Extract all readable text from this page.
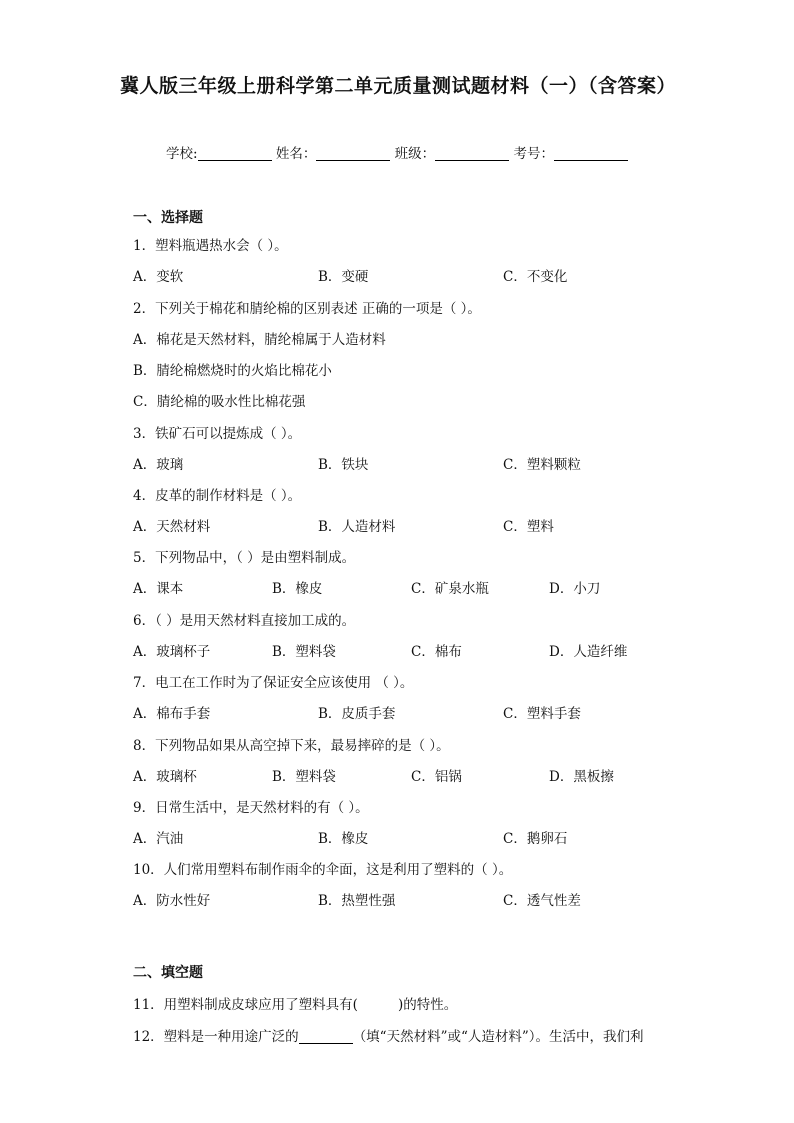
冀人版三年级上册科学第二单元质量测试题材料（一）（含答案）
学校:	姓名：	班级：	考号：
一、选择题
1．塑料瓶遇热水会（ ）。
A．变软	B．变硬	C．不变化
2．下列关于棉花和腈纶棉的区别表述 正确的一项是（ ）。
A．棉花是天然材料，腈纶棉属于人造材料
B．腈纶棉燃烧时的火焰比棉花小
C．腈纶棉的吸水性比棉花强
3．铁矿石可以提炼成（ ）。
A．玻璃	B．铁块	C．塑料颗粒
4．皮革的制作材料是（ ）。
A．天然材料	B．人造材料	C．塑料
5．下列物品中，（ ）是由塑料制成。
A．课本	B．橡皮	C．矿泉水瓶	D．小刀
6．（ ）是用天然材料直接加工成的。
A．玻璃杯子	B．塑料袋	C．棉布	D．人造纤维
7．电工在工作时为了保证安全应该使用 （ ）。
A．棉布手套	B．皮质手套	C．塑料手套
8．下列物品如果从高空掉下来，最易摔碎的是（ ）。
A．玻璃杯	B．塑料袋	C．铝锅	D．黑板擦
9．日常生活中，是天然材料的有（ ）。
A．汽油	B．橡皮	C．鹅卵石
10．人们常用塑料布制作雨伞的伞面，这是利用了塑料的（ ）。
A．防水性好	B．热塑性强	C．透气性差
二、填空题
11．用塑料制成皮球应用了塑料具有(	)的特性。
12．塑料是一种用途广泛的	（填“天然材料”或“人造材料”）。生活中，我们利
